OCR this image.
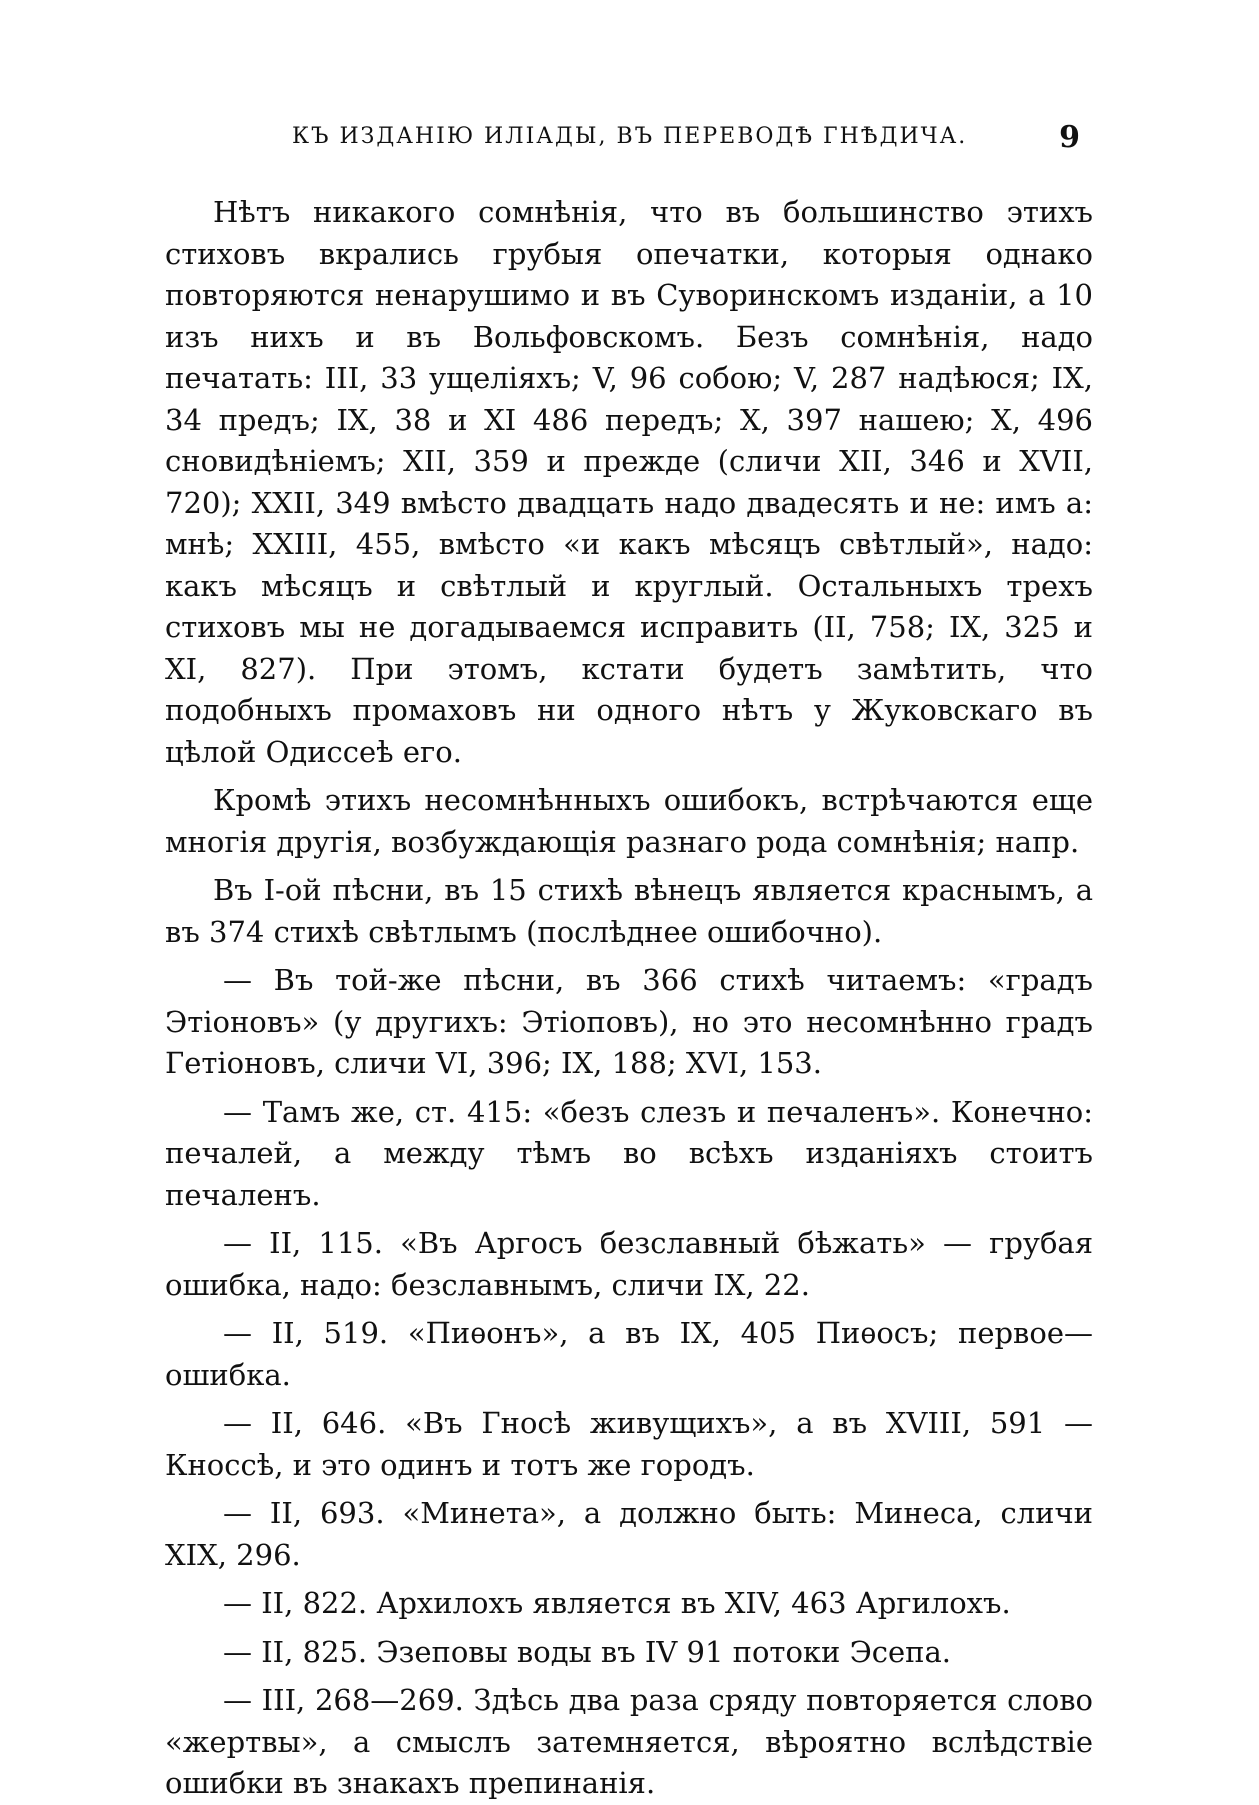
КЪ ИЗДАНІЮ ИЛІАДЫ, ВЪ ПЕРЕВОДѢ ГНѢДИЧА.	9

Нѣтъ никакого сомнѣнія, что въ большинство этихъ стиховъ вкрались грубыя опечатки, которыя однако повторяются ненарушимо и въ Суворинскомъ изданіи, а 10 изъ нихъ и въ Вольфовскомъ. Безъ сомнѣнія, надо печатать: III, 33 ущеліяхъ; V, 96 собою; V, 287 надѣюся; IX, 34 предъ; IX, 38 и XI 486 передъ; X, 397 нашею; X, 496 сновидѣніемъ; XII, 359 и прежде (сличи XII, 346 и XVII, 720); XXII, 349 вмѣсто двадцать надо двадесять и не: имъ а: мнѣ; XXIII, 455, вмѣсто «и какъ мѣсяцъ свѣтлый», надо: какъ мѣсяцъ и свѣтлый и круглый. Остальныхъ трехъ стиховъ мы не догадываемся исправить (II, 758; IX, 325 и XI, 827). При этомъ, кстати будетъ замѣтить, что подобныхъ промаховъ ни одного нѣтъ у Жуковскаго въ цѣлой Одиссеѣ его.

Кромѣ этихъ несомнѣнныхъ ошибокъ, встрѣчаются еще многія другія, возбуждающія разнаго рода сомнѣнія; напр.

Въ I-ой пѣсни, въ 15 стихѣ вѣнецъ является краснымъ, а въ 374 стихѣ свѣтлымъ (послѣднее ошибочно).

— Въ той-же пѣсни, въ 366 стихѣ читаемъ: «градъ Этіоновъ» (у другихъ: Этіоповъ), но это несомнѣнно градъ Гетіоновъ, сличи VI, 396; IX, 188; XVI, 153.

— Тамъ же, ст. 415: «безъ слезъ и печаленъ». Конечно: печалей, а между тѣмъ во всѣхъ изданіяхъ стоитъ печаленъ.

— II, 115. «Въ Аргосъ безславный бѣжать» — грубая ошибка, надо: безславнымъ, сличи IX, 22.

— II, 519. «Пиѳонъ», а въ IX, 405 Пиѳосъ; первое—ошибка.

— II, 646. «Въ Гносѣ живущихъ», а въ XVIII, 591 — Кноссѣ, и это одинъ и тотъ же городъ.

— II, 693. «Минета», а должно быть: Минеса, сличи XIX, 296.

— II, 822. Архилохъ является въ XIV, 463 Аргилохъ.

— II, 825. Эзеповы воды въ IV 91 потоки Эсепа.

— III, 268—269. Здѣсь два раза сряду повторяется слово «жертвы», а смыслъ затемняется, вѣроятно вслѣдствіе ошибки въ знакахъ препинанія.
